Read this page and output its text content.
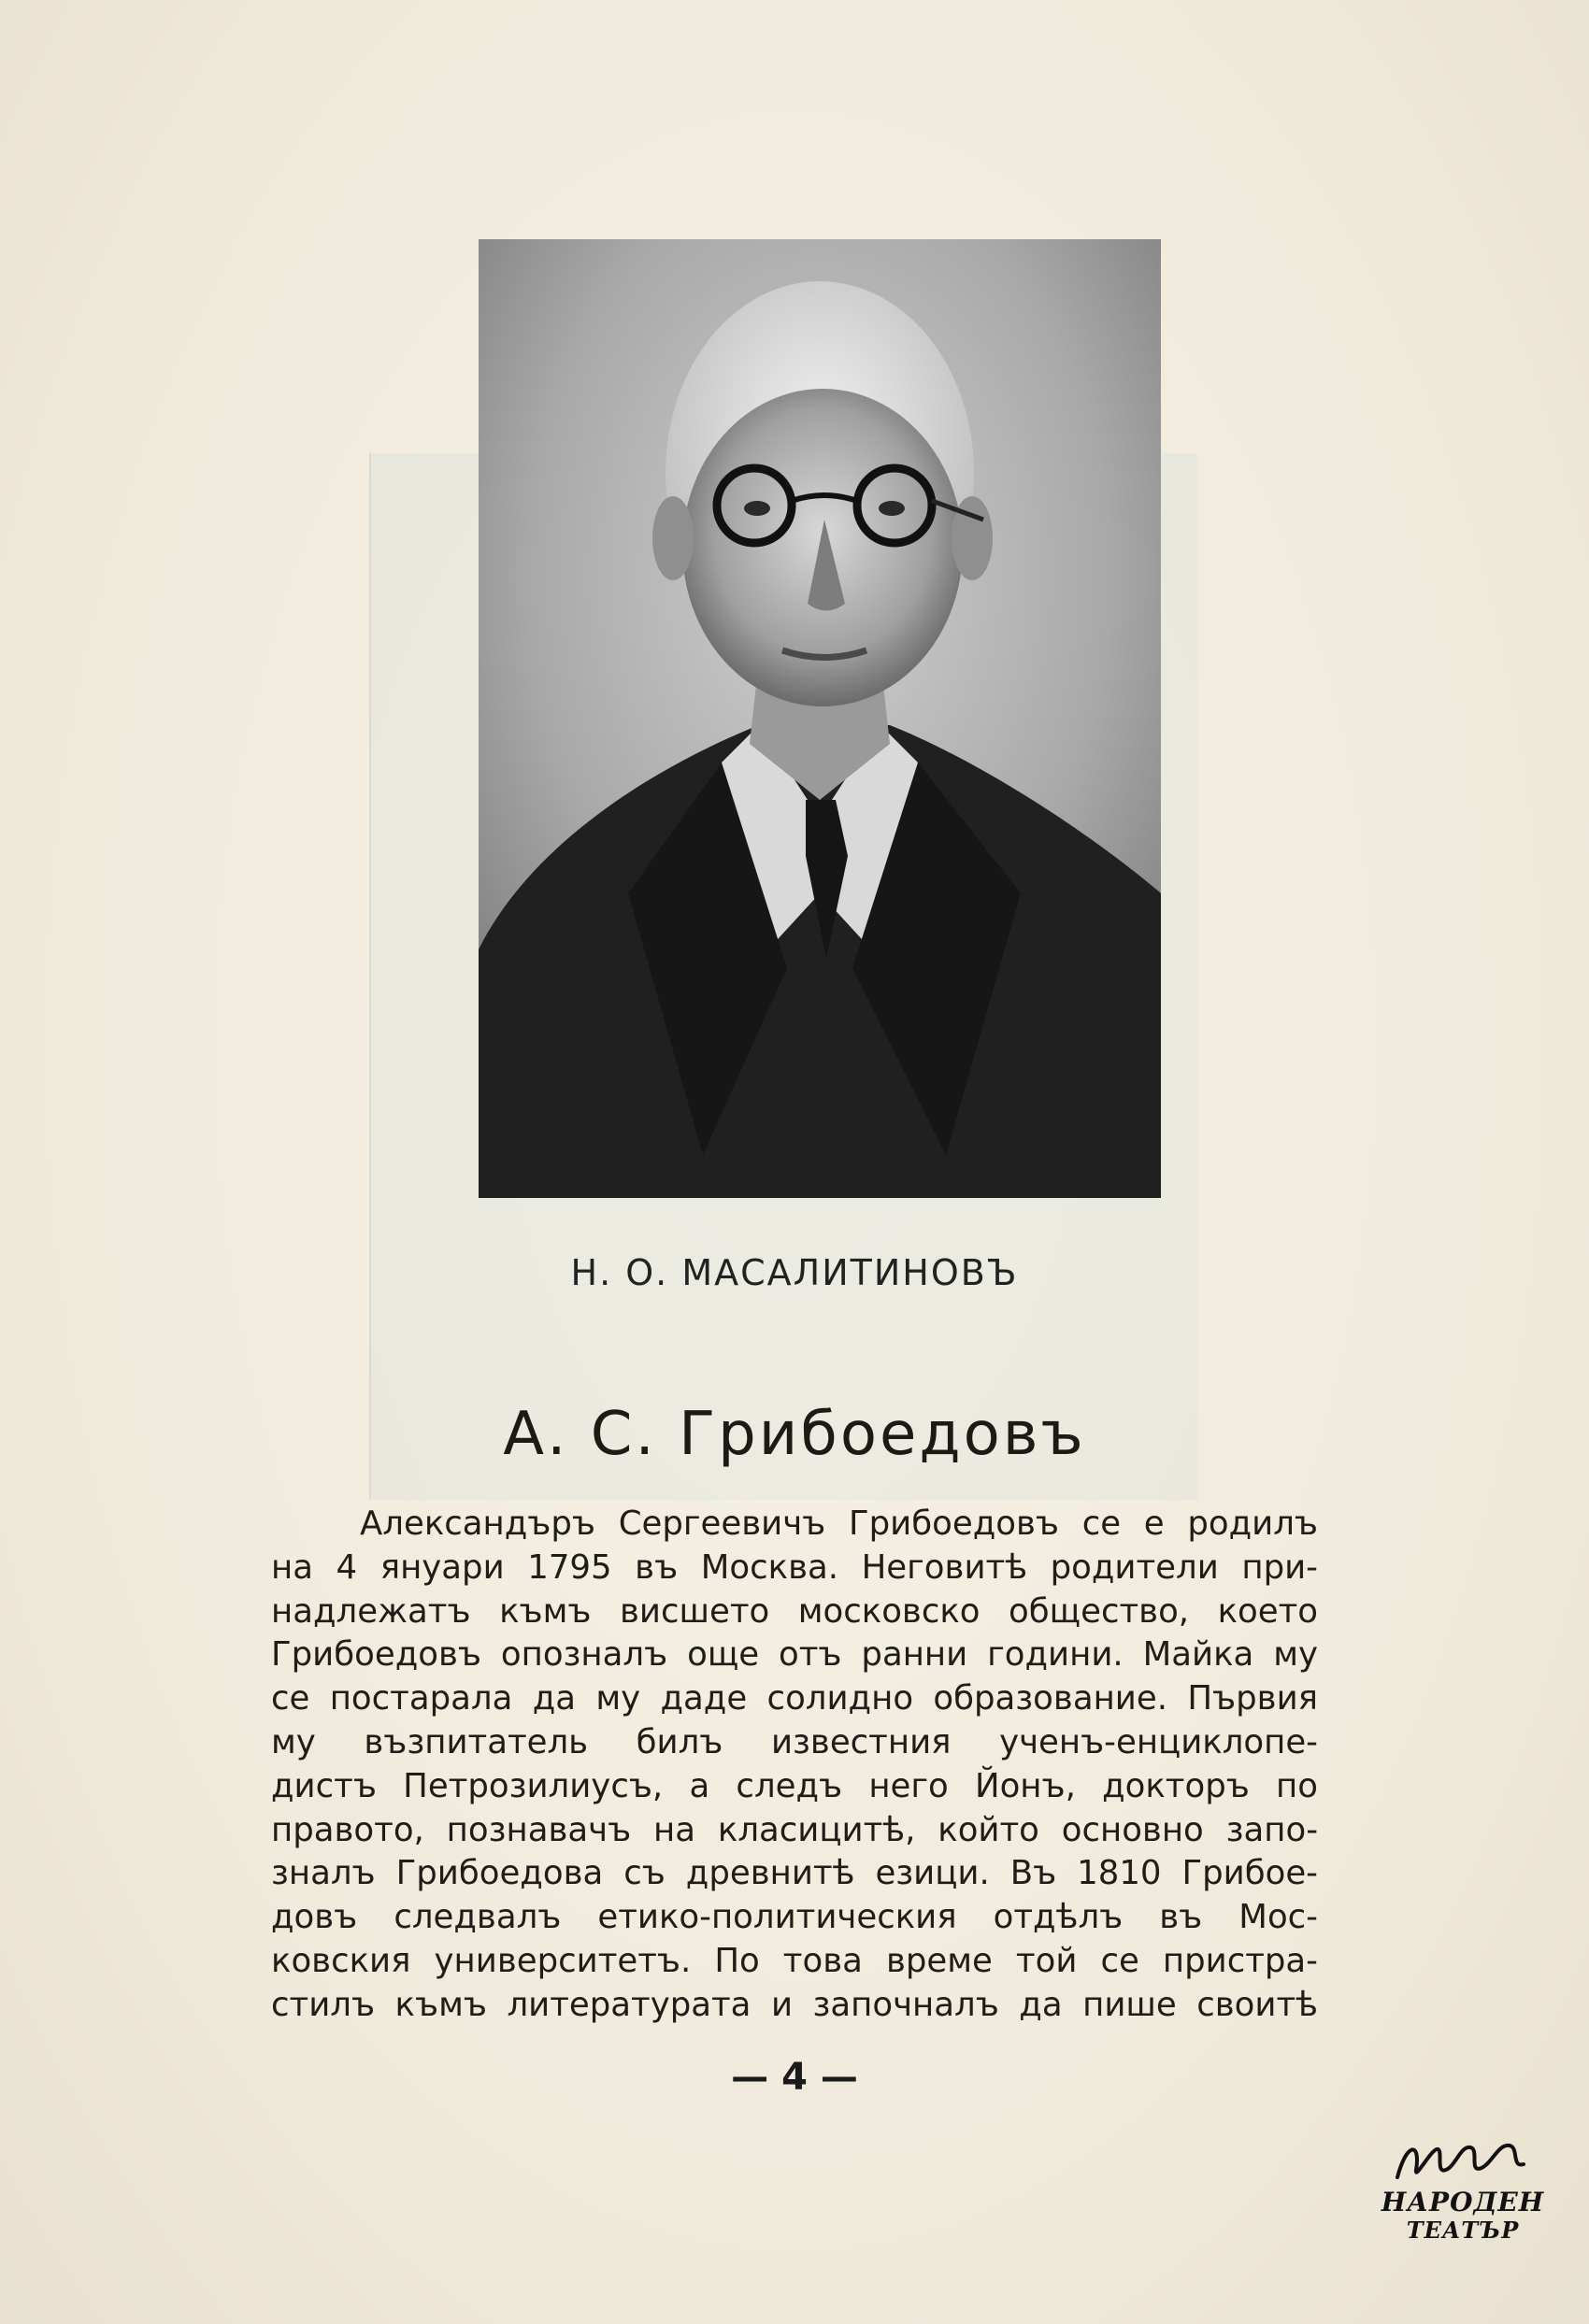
Н. О. МАСАЛИТИНОВЪ
А. С. Грибоедовъ
Александъръ Сергеевичъ Грибоедовъ се е родилъ
на 4 януари 1795 въ Москва. Неговитѣ родители при-
надлежатъ къмъ висшето московско общество, което
Грибоедовъ опозналъ още отъ ранни години. Майка му
се постарала да му даде солидно образование. Първия
му възпитатель билъ известния ученъ-енциклопе-
дистъ Петрозилиусъ, а следъ него Йонъ, докторъ по
правото, познавачъ на класицитѣ, който основно запо-
зналъ Грибоедова съ древнитѣ езици. Въ 1810 Грибое-
довъ следвалъ етико-политическия отдѣлъ въ Мос-
ковския университетъ. По това време той се пристра-
стилъ къмъ литературата и започналъ да пише своитѣ
— 4 —
НАРОДЕН
ТЕАТЪР
